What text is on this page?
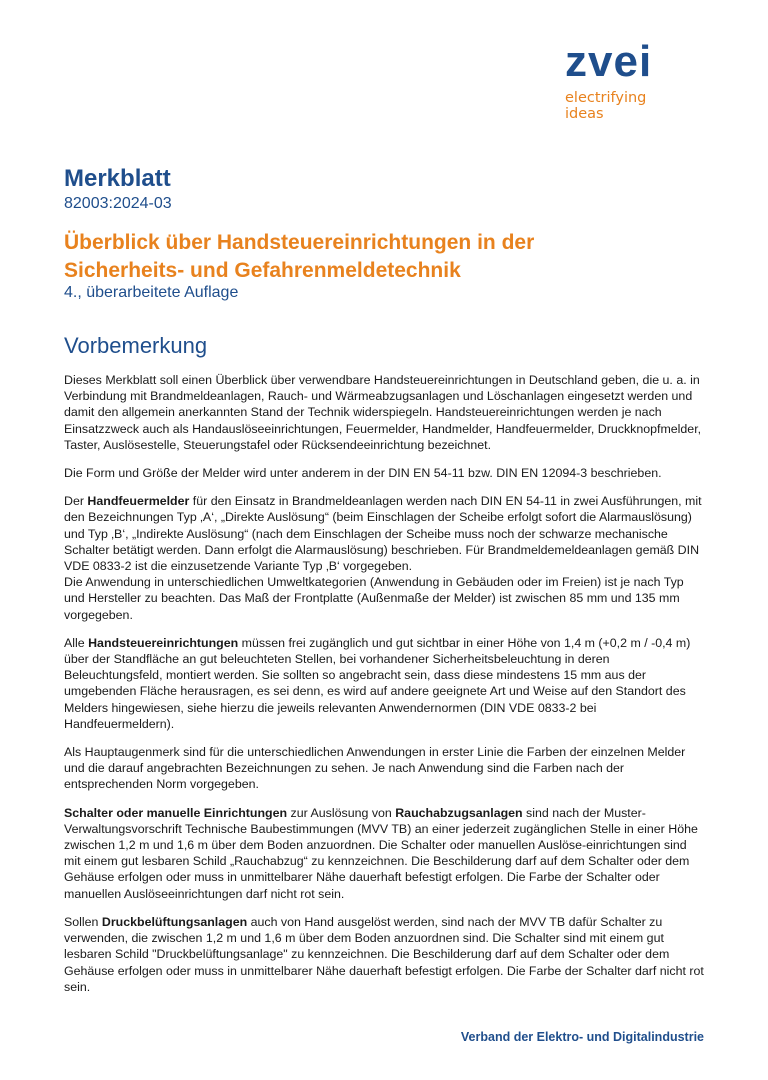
zvei
electrifying
ideas
Merkblatt
82003:2024-03
Überblick über Handsteuereinrichtungen in der
Sicherheits- und Gefahrenmeldetechnik
4., überarbeitete Auflage
Vorbemerkung

Dieses Merkblatt soll einen Überblick über verwendbare Handsteuereinrichtungen in Deutschland geben, die u. a. in Verbindung mit Brandmeldeanlagen, Rauch- und Wärmeabzugsanlagen und Löschanlagen eingesetzt werden und damit den allgemein anerkannten Stand der Technik widerspiegeln. Handsteuereinrichtungen werden je nach Einsatzzweck auch als Handauslöseeinrichtungen, Feuermelder, Handmelder, Handfeuermelder, Druckknopfmelder, Taster, Auslösestelle, Steuerungstafel oder Rücksendeeinrichtung bezeichnet.

Die Form und Größe der Melder wird unter anderem in der DIN EN 54-11 bzw. DIN EN 12094-3 beschrieben.

Der Handfeuermelder für den Einsatz in Brandmeldeanlagen werden nach DIN EN 54-11 in zwei Ausführungen, mit den Bezeichnungen Typ ‚A‘, „Direkte Auslösung“ (beim Einschlagen der Scheibe erfolgt sofort die Alarmauslösung) und Typ ‚B‘, „Indirekte Auslösung“ (nach dem Einschlagen der Scheibe muss noch der schwarze mechanische Schalter betätigt werden. Dann erfolgt die Alarmauslösung) beschrieben. Für Brandmeldemeldeanlagen gemäß DIN VDE 0833-2 ist die einzusetzende Variante Typ ‚B‘ vorgegeben.
Die Anwendung in unterschiedlichen Umweltkategorien (Anwendung in Gebäuden oder im Freien) ist je nach Typ und Hersteller zu beachten. Das Maß der Frontplatte (Außenmaße der Melder) ist zwischen 85 mm und 135 mm vorgegeben.

Alle Handsteuereinrichtungen müssen frei zugänglich und gut sichtbar in einer Höhe von 1,4 m (+0,2 m / -0,4 m) über der Standfläche an gut beleuchteten Stellen, bei vorhandener Sicherheitsbeleuchtung in deren Beleuchtungsfeld, montiert werden. Sie sollten so angebracht sein, dass diese mindestens 15 mm aus der umgebenden Fläche herausragen, es sei denn, es wird auf andere geeignete Art und Weise auf den Standort des Melders hingewiesen, siehe hierzu die jeweils relevanten Anwendernormen (DIN VDE 0833-2 bei Handfeuermeldern).

Als Hauptaugenmerk sind für die unterschiedlichen Anwendungen in erster Linie die Farben der einzelnen Melder und die darauf angebrachten Bezeichnungen zu sehen. Je nach Anwendung sind die Farben nach der entsprechenden Norm vorgegeben.

Schalter oder manuelle Einrichtungen zur Auslösung von Rauchabzugsanlagen sind nach der Muster-Verwaltungsvorschrift Technische Baubestimmungen (MVV TB) an einer jederzeit zugänglichen Stelle in einer Höhe zwischen 1,2 m und 1,6 m über dem Boden anzuordnen. Die Schalter oder manuellen Auslöse-einrichtungen sind mit einem gut lesbaren Schild „Rauchabzug“ zu kennzeichnen. Die Beschilderung darf auf dem Schalter oder dem Gehäuse erfolgen oder muss in unmittelbarer Nähe dauerhaft befestigt erfolgen. Die Farbe der Schalter oder manuellen Auslöseeinrichtungen darf nicht rot sein.

Sollen Druckbelüftungsanlagen auch von Hand ausgelöst werden, sind nach der MVV TB dafür Schalter zu verwenden, die zwischen 1,2 m und 1,6 m über dem Boden anzuordnen sind. Die Schalter sind mit einem gut lesbaren Schild "Druckbelüftungsanlage" zu kennzeichnen. Die Beschilderung darf auf dem Schalter oder dem Gehäuse erfolgen oder muss in unmittelbarer Nähe dauerhaft befestigt erfolgen. Die Farbe der Schalter darf nicht rot sein.

Verband der Elektro- und Digitalindustrie
